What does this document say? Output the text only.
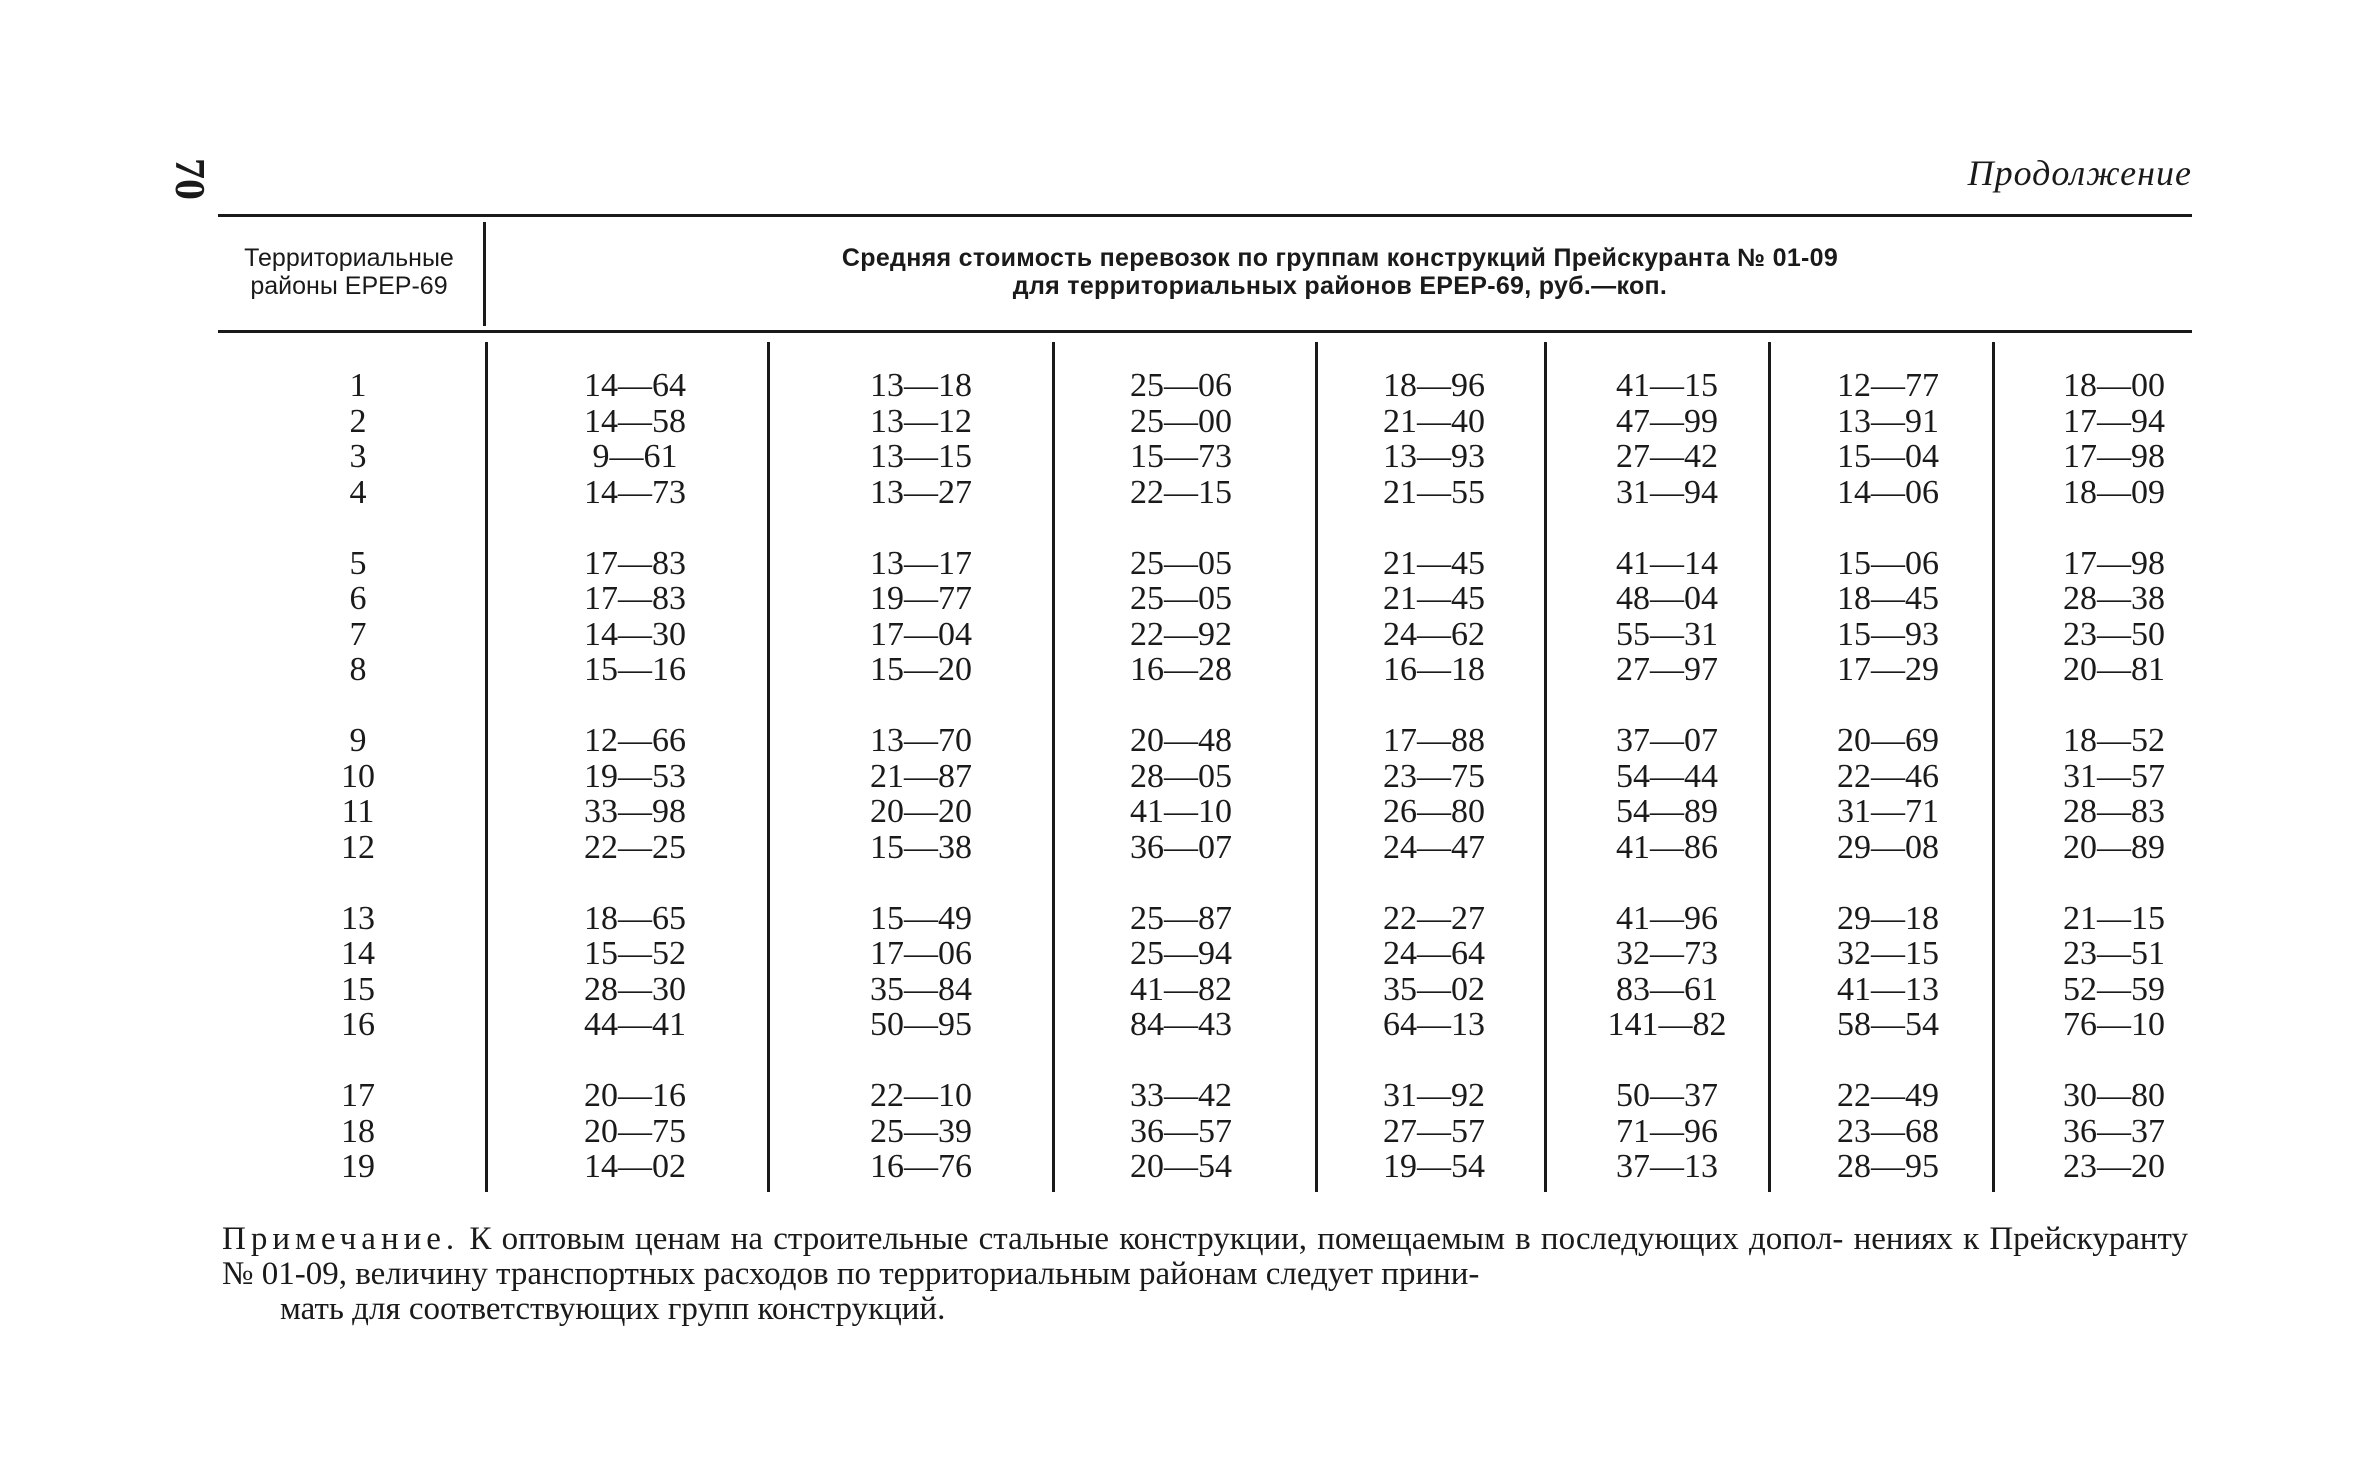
70	Продолжение
Территориальные
районы ЕРЕР-69
Средняя стоимость перевозок по группам конструкций Прейскуранта № 01-09
для территориальных районов ЕРЕР-69, руб.—коп.
1
2
3
4
5
6
7
8
9
10
11
12
13
14
15
16
17
18
19
14—64
14—58
9—61
14—73
17—83
17—83
14—30
15—16
12—66
19—53
33—98
22—25
18—65
15—52
28—30
44—41
20—16
20—75
14—02
13—18
13—12
13—15
13—27
13—17
19—77
17—04
15—20
13—70
21—87
20—20
15—38
15—49
17—06
35—84
50—95
22—10
25—39
16—76
25—06
25—00
15—73
22—15
25—05
25—05
22—92
16—28
20—48
28—05
41—10
36—07
25—87
25—94
41—82
84—43
33—42
36—57
20—54
18—96
21—40
13—93
21—55
21—45
21—45
24—62
16—18
17—88
23—75
26—80
24—47
22—27
24—64
35—02
64—13
31—92
27—57
19—54
41—15
47—99
27—42
31—94
41—14
48—04
55—31
27—97
37—07
54—44
54—89
41—86
41—96
32—73
83—61
141—82
50—37
71—96
37—13
12—77
13—91
15—04
14—06
15—06
18—45
15—93
17—29
20—69
22—46
31—71
29—08
29—18
32—15
41—13
58—54
22—49
23—68
28—95
18—00
17—94
17—98
18—09
17—98
28—38
23—50
20—81
18—52
31—57
28—83
20—89
21—15
23—51
52—59
76—10
30—80
36—37
23—20
Примечание. К оптовым ценам на строительные стальные конструкции, помещаемым в последующих допол- нениях к Прейскуранту № 01-09, величину транспортных расходов по территориальным районам следует прини-
мать для соответствующих групп конструкций.
